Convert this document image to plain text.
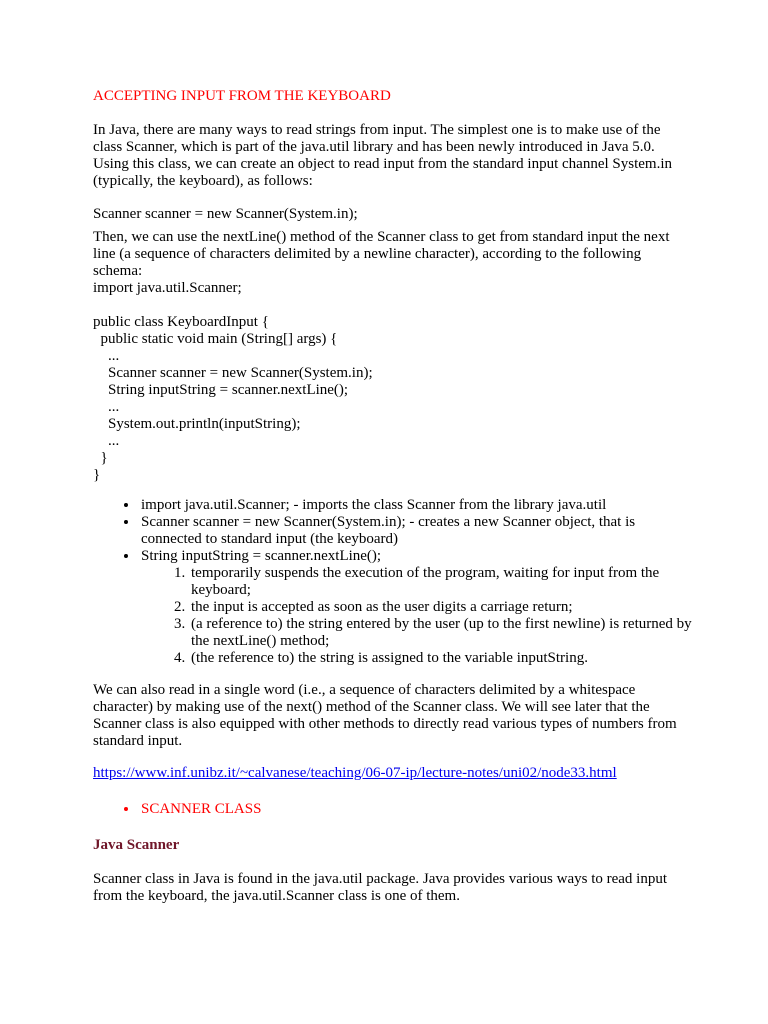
ACCEPTING INPUT FROM THE KEYBOARD

In Java, there are many ways to read strings from input. The simplest one is to make use of the class Scanner, which is part of the java.util library and has been newly introduced in Java 5.0. Using this class, we can create an object to read input from the standard input channel System.in (typically, the keyboard), as follows:

Scanner scanner = new Scanner(System.in);

Then, we can use the nextLine() method of the Scanner class to get from standard input the next line (a sequence of characters delimited by a newline character), according to the following schema:

import java.util.Scanner;

public class KeyboardInput {
public static void main (String[] args) {
...
Scanner scanner = new Scanner(System.in);
String inputString = scanner.nextLine();
...
System.out.println(inputString);
...
}
}
• import java.util.Scanner; - imports the class Scanner from the library java.util
• Scanner scanner = new Scanner(System.in); - creates a new Scanner object, that is connected to standard input (the keyboard)
• String inputString = scanner.nextLine();
1. temporarily suspends the execution of the program, waiting for input from the keyboard;
2. the input is accepted as soon as the user digits a carriage return;
3. (a reference to) the string entered by the user (up to the first newline) is returned by the nextLine() method;
4. (the reference to) the string is assigned to the variable inputString.

We can also read in a single word (i.e., a sequence of characters delimited by a whitespace character) by making use of the next() method of the Scanner class. We will see later that the Scanner class is also equipped with other methods to directly read various types of numbers from standard input.

https://www.inf.unibz.it/~calvanese/teaching/06-07-ip/lecture-notes/uni02/node33.html
• SCANNER CLASS

Java Scanner

Scanner class in Java is found in the java.util package. Java provides various ways to read input from the keyboard, the java.util.Scanner class is one of them.
